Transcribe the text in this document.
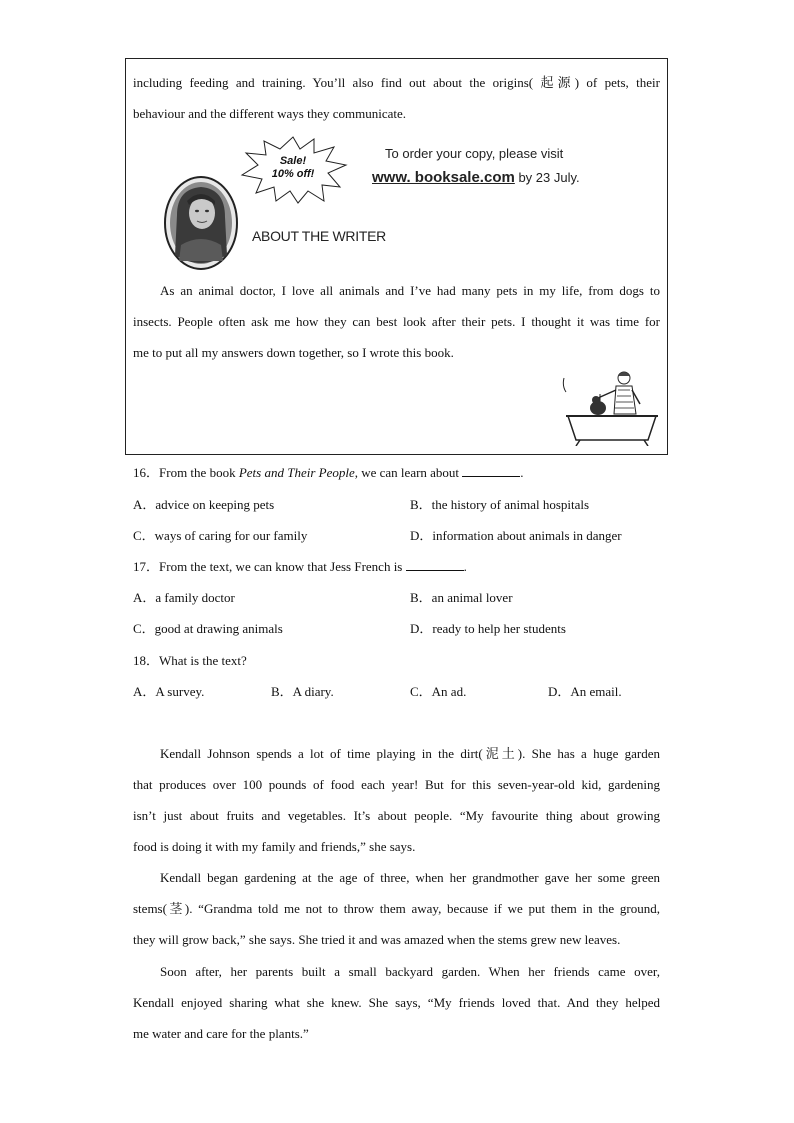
including feeding and training. You’ll also find out about the origins( 起源) of pets, their
behaviour and the different ways they communicate.
Sale!
10% off!
To order your copy, please visit
www. booksale.com by 23 July.
ABOUT THE WRITER
As an animal doctor, I love all animals and I’ve had many pets in my life, from dogs to
insects. People often ask me how they can best look after their pets. I thought it was time for
me to put all my answers down together, so I wrote this book.
16．From the book Pets and Their People, we can learn about	.
A．advice on keeping pets	B．the history of animal hospitals
C．ways of caring for our family	D．information about animals in danger
17．From the text, we can know that Jess French is	.
A．a family doctor	B．an animal lover
C．good at drawing animals	D．ready to help her students
18．What is the text?
A．A survey.	B．A diary.	C．An ad.	D．An email.
Kendall Johnson spends a lot of time playing in the dirt(泥土). She has a huge garden
that produces over 100 pounds of food each year! But for this seven-year-old kid, gardening
isn’t just about fruits and vegetables. It’s about people. “My favourite thing about growing
food is doing it with my family and friends,” she says.
Kendall began gardening at the age of three, when her grandmother gave her some green
stems(茎). “Grandma told me not to throw them away, because if we put them in the ground,
they will grow back,” she says. She tried it and was amazed when the stems grew new leaves.
Soon after, her parents built a small backyard garden. When her friends came over,
Kendall enjoyed sharing what she knew. She says, “My friends loved that. And they helped
me water and care for the plants.”
